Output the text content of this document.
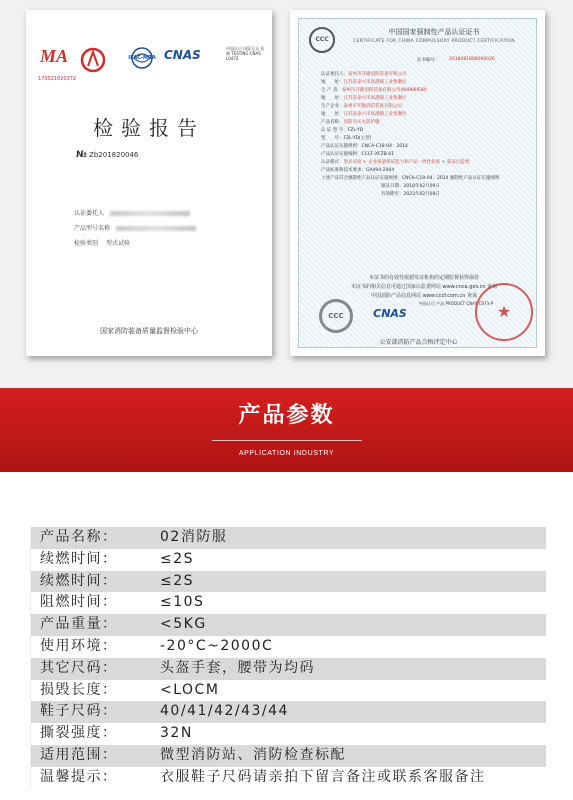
MA	ILAC-MRA CNAS	中国认可 国际互认 检测 TESTING CNAS L0472
170021020372
检验报告
№ Zb201820046
认证委托人
产品型号名称
检验类别 型式试验
国家消防装备质量监督检验中心
CCC
中国国家强制性产品认证证书
CERTIFICATE FOR CHINA COMPULSORY PRODUCT CERTIFICATION
证书编号： 2018081808000026
认证委托人：泰州市开隆消防装备有限公司
地　　址：江苏省泰兴市高港镇工业集聚区
生 产 者：泰州市开隆消防装备有限公司(60066938)
地　　址：江苏省泰兴市高港镇工业集聚区
生产企业：泰州市开隆消防装备有限公司
地　　址：江苏省泰兴市高港镇工业集聚区
产品名称：消防员灭火防护服
认 证 型 号：FZL-YD
型　　号：FZL-YD(主型)
产品认证实施规则：CNCA-C18-04：2014
产品认证实施细则：CCCF-XFZB-01
认证模式：型式试验 + 企业质量保证能力和产品一致性检查 + 获证后监督
产品标准和技术要求：GA494-2004
上述产品符合强制性产品认证实施规则：CNCA-C18-04：2014 强制性产品认证实施细则
颁证日期：2018年02月09日
有效期至：2023年02月08日
本证书的有效性依据发证机构的定期监督获得保持
本证书的相关信息可通过国家认监委网站 www.cnca.gov.cn 查询
中国消防产品信息网站 www.cccf.com.cn 查询
CCC	CNAS
中国认可 产品 PRODUCT CNAS C073-P ★
公安部消防产品合格评定中心
产品参数
APPLICATION INDUSTRY
产品名称：	02消防服
续燃时间：	≤2S
续燃时间：	≤2S
阻燃时间：	≤10S
产品重量：	<5KG
使用环境：	-20°C~2000C
其它尺码：	头盔手套，腰带为均码
损毁长度：	<LOCM
鞋子尺码：	40/41/42/43/44
撕裂强度：	32N
适用范围：	微型消防站、消防检查标配
温馨提示：	衣服鞋子尺码请亲拍下留言备注或联系客服备注
